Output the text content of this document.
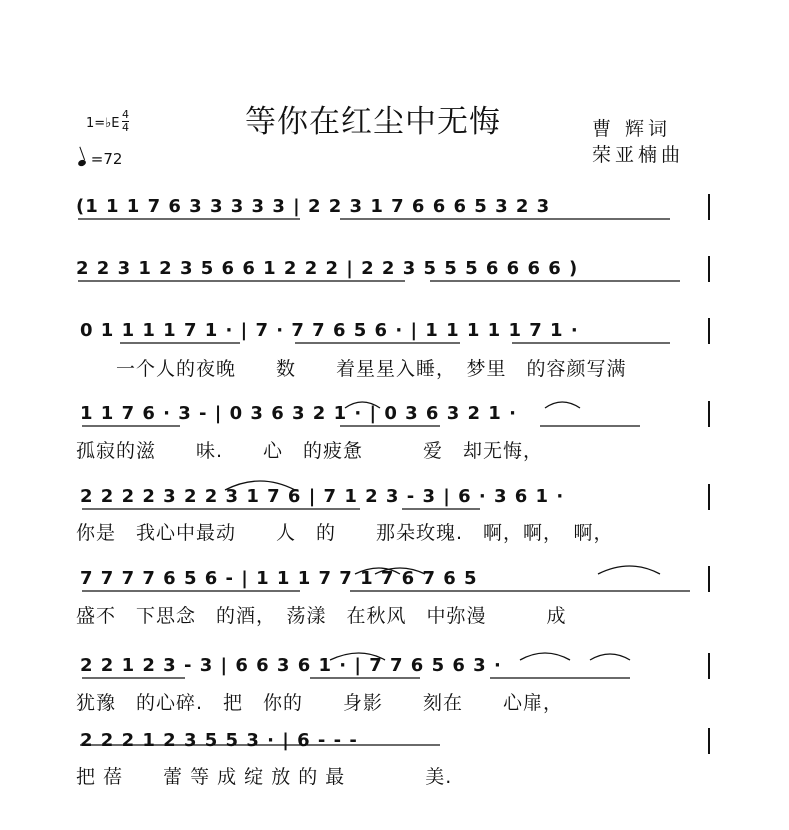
等你在红尘中无悔	曹 辉词
荣亚楠曲
1=♭E
4
4
=72
(1 1 1 7 6 3 3 3 3 3 | 2 2 3 1 7 6 6 6 5 3 2 3
2 2 3 1 2 3 5 6 6 1 2 2 2 | 2 2 3 5 5 5 6 6 6 6 )
0 1 1 1 1 7 1 · | 7 · 7 7 6 5 6 · | 1 1 1 1 1 7 1 ·
一个人的夜晚　　数　　着星星入睡，　梦里　的容颜写满
1 1 7 6 · 3 - | 0 3 6 3 2 1 · | 0 3 6 3 2 1 ·
孤寂的滋　　味.　　心　的疲惫　　　爱　却无悔，
2 2 2 2 3 2 2 3 1 7 6 | 7 1 2 3 - 3 | 6 · 3 6 1 ·
你是　我心中最动　　人　的　　那朵玫瑰.　啊，啊，　啊，
7 7 7 7 6 5 6 - | 1 1 1 7 7 1 7 6 7 6 5
盛不　下思念　的酒，　荡漾　在秋风　中弥漫　　　成
2 2 1 2 3 - 3 | 6 6 3 6 1 · | 7 7 6 5 6 3 ·
犹豫　的心碎.　把　你的　　身影　　刻在　　心扉，
2 2 2 1 2 3 5 5 3 · | 6 - - -
把 蓓　　蕾 等 成 绽 放 的 最　　　　美.
